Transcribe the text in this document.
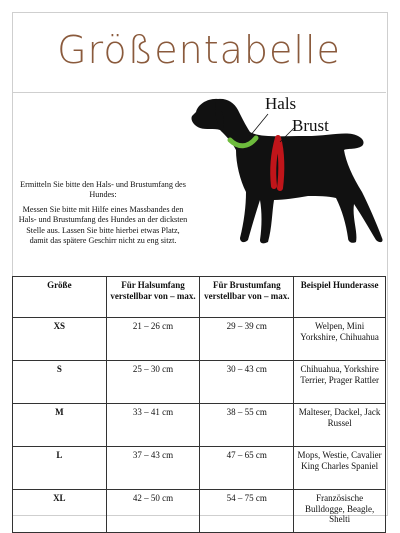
Größentabelle

Ermitteln Sie bitte den Hals- und Brustumfang des Hundes:

Messen Sie bitte mit Hilfe eines Massbandes den Hals- und Brustumfang des Hundes an der dicksten Stelle aus. Lassen Sie bitte hierbei etwas Platz, damit das spätere Geschirr nicht zu eng sitzt.

Hals
Brust
Größe	Für Halsumfang verstellbar von – max.	Für Brustumfang verstellbar von – max.	Beispiel Hunderasse
XS	21 – 26 cm	29 – 39 cm	Welpen, Mini Yorkshire, Chihuahua
S	25 – 30 cm	30 – 43 cm	Chihuahua, Yorkshire Terrier, Prager Rattler
M	33 – 41 cm	38 – 55 cm	Malteser, Dackel, Jack Russel
L	37 – 43 cm	47 – 65 cm	Mops, Westie, Cavalier King Charles Spaniel
XL	42 – 50 cm	54 – 75 cm	Französische Bulldogge, Beagle, Shelti
